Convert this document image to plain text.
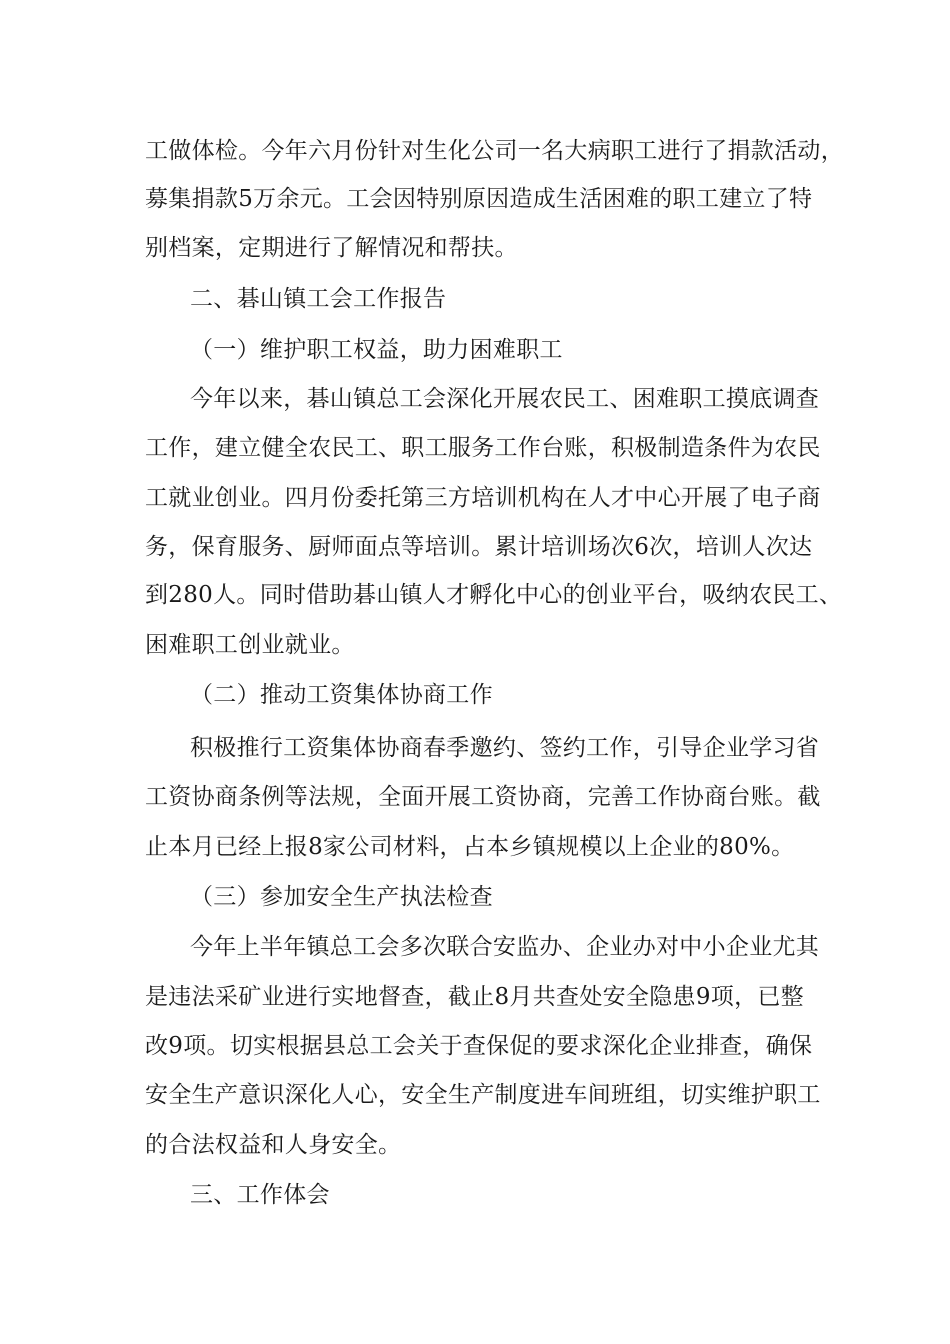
工做体检。今年六月份针对生化公司一名大病职工进行了捐款活动，
募集捐款5万余元。工会因特别原因造成生活困难的职工建立了特
别档案，定期进行了解情况和帮扶。
二、碁山镇工会工作报告
（一）维护职工权益，助力困难职工
今年以来，碁山镇总工会深化开展农民工、困难职工摸底调查
工作，建立健全农民工、职工服务工作台账，积极制造条件为农民
工就业创业。四月份委托第三方培训机构在人才中心开展了电子商
务，保育服务、厨师面点等培训。累计培训场次6次，培训人次达
到280人。同时借助碁山镇人才孵化中心的创业平台，吸纳农民工、
困难职工创业就业。
（二）推动工资集体协商工作
积极推行工资集体协商春季邀约、签约工作，引导企业学习省
工资协商条例等法规，全面开展工资协商，完善工作协商台账。截
止本月已经上报8家公司材料，占本乡镇规模以上企业的80%。
（三）参加安全生产执法检查
今年上半年镇总工会多次联合安监办、企业办对中小企业尤其
是违法采矿业进行实地督查，截止8月共查处安全隐患9项，已整
改9项。切实根据县总工会关于查保促的要求深化企业排查，确保
安全生产意识深化人心，安全生产制度进车间班组，切实维护职工
的合法权益和人身安全。
三、工作体会
